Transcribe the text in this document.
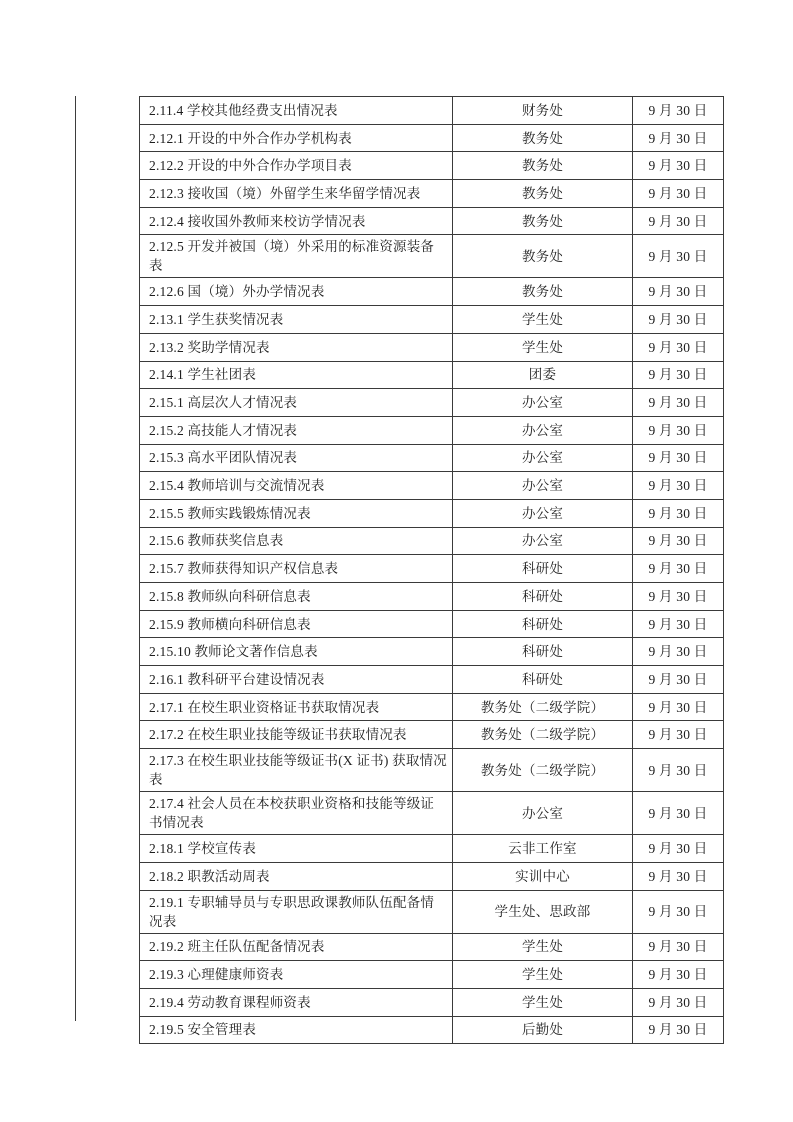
2.11.4 学校其他经费支出情况表	财务处	9 月 30 日
2.12.1 开设的中外合作办学机构表	教务处	9 月 30 日
2.12.2 开设的中外合作办学项目表	教务处	9 月 30 日
2.12.3 接收国（境）外留学生来华留学情况表	教务处	9 月 30 日
2.12.4 接收国外教师来校访学情况表	教务处	9 月 30 日
2.12.5 开发并被国（境）外采用的标准资源装备表	教务处	9 月 30 日
2.12.6 国（境）外办学情况表	教务处	9 月 30 日
2.13.1 学生获奖情况表	学生处	9 月 30 日
2.13.2 奖助学情况表	学生处	9 月 30 日
2.14.1 学生社团表	团委	9 月 30 日
2.15.1 高层次人才情况表	办公室	9 月 30 日
2.15.2 高技能人才情况表	办公室	9 月 30 日
2.15.3 高水平团队情况表	办公室	9 月 30 日
2.15.4 教师培训与交流情况表	办公室	9 月 30 日
2.15.5 教师实践锻炼情况表	办公室	9 月 30 日
2.15.6 教师获奖信息表	办公室	9 月 30 日
2.15.7 教师获得知识产权信息表	科研处	9 月 30 日
2.15.8 教师纵向科研信息表	科研处	9 月 30 日
2.15.9 教师横向科研信息表	科研处	9 月 30 日
2.15.10 教师论文著作信息表	科研处	9 月 30 日
2.16.1 教科研平台建设情况表	科研处	9 月 30 日
2.17.1 在校生职业资格证书获取情况表	教务处（二级学院）	9 月 30 日
2.17.2 在校生职业技能等级证书获取情况表	教务处（二级学院）	9 月 30 日
2.17.3 在校生职业技能等级证书(X 证书) 获取情况表	教务处（二级学院）	9 月 30 日
2.17.4 社会人员在本校获职业资格和技能等级证书情况表	办公室	9 月 30 日
2.18.1 学校宣传表	云非工作室	9 月 30 日
2.18.2 职教活动周表	实训中心	9 月 30 日
2.19.1 专职辅导员与专职思政课教师队伍配备情况表	学生处、思政部	9 月 30 日
2.19.2 班主任队伍配备情况表	学生处	9 月 30 日
2.19.3 心理健康师资表	学生处	9 月 30 日
2.19.4 劳动教育课程师资表	学生处	9 月 30 日
2.19.5 安全管理表	后勤处	9 月 30 日
